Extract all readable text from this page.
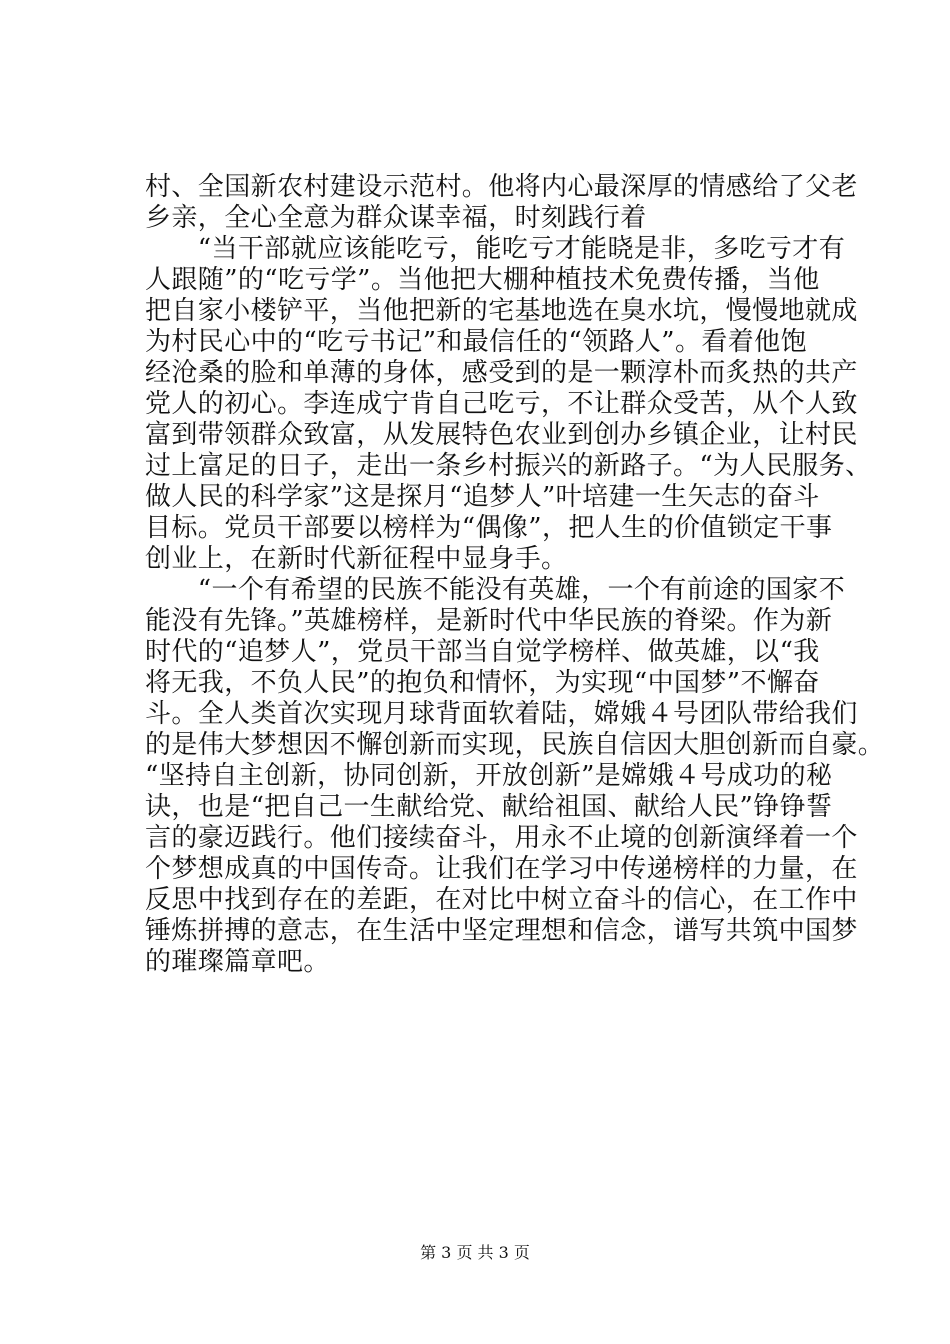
村、全国新农村建设示范村。他将内心最深厚的情感给了父老
乡亲，全心全意为群众谋幸福，时刻践行着
　　“当干部就应该能吃亏，能吃亏才能晓是非，多吃亏才有
人跟随”的“吃亏学”。当他把大棚种植技术免费传播，当他
把自家小楼铲平，当他把新的宅基地选在臭水坑，慢慢地就成
为村民心中的“吃亏书记”和最信任的“领路人”。看着他饱
经沧桑的脸和单薄的身体，感受到的是一颗淳朴而炙热的共产
党人的初心。李连成宁肯自己吃亏，不让群众受苦，从个人致
富到带领群众致富，从发展特色农业到创办乡镇企业，让村民
过上富足的日子，走出一条乡村振兴的新路子。“为人民服务、
做人民的科学家”这是探月“追梦人”叶培建一生矢志的奋斗
目标。党员干部要以榜样为“偶像”，把人生的价值锁定干事
创业上，在新时代新征程中显身手。
　　“一个有希望的民族不能没有英雄，一个有前途的国家不
能没有先锋。”英雄榜样，是新时代中华民族的脊梁。作为新
时代的“追梦人”，党员干部当自觉学榜样、做英雄，以“我
将无我，不负人民”的抱负和情怀，为实现“中国梦”不懈奋
斗。全人类首次实现月球背面软着陆，嫦娥４号团队带给我们
的是伟大梦想因不懈创新而实现，民族自信因大胆创新而自豪。
“坚持自主创新，协同创新，开放创新”是嫦娥４号成功的秘
诀，也是“把自己一生献给党、献给祖国、献给人民”铮铮誓
言的豪迈践行。他们接续奋斗，用永不止境的创新演绎着一个
个梦想成真的中国传奇。让我们在学习中传递榜样的力量，在
反思中找到存在的差距，在对比中树立奋斗的信心，在工作中
锤炼拼搏的意志，在生活中坚定理想和信念，谱写共筑中国梦
的璀璨篇章吧。
第 3 页 共 3 页
